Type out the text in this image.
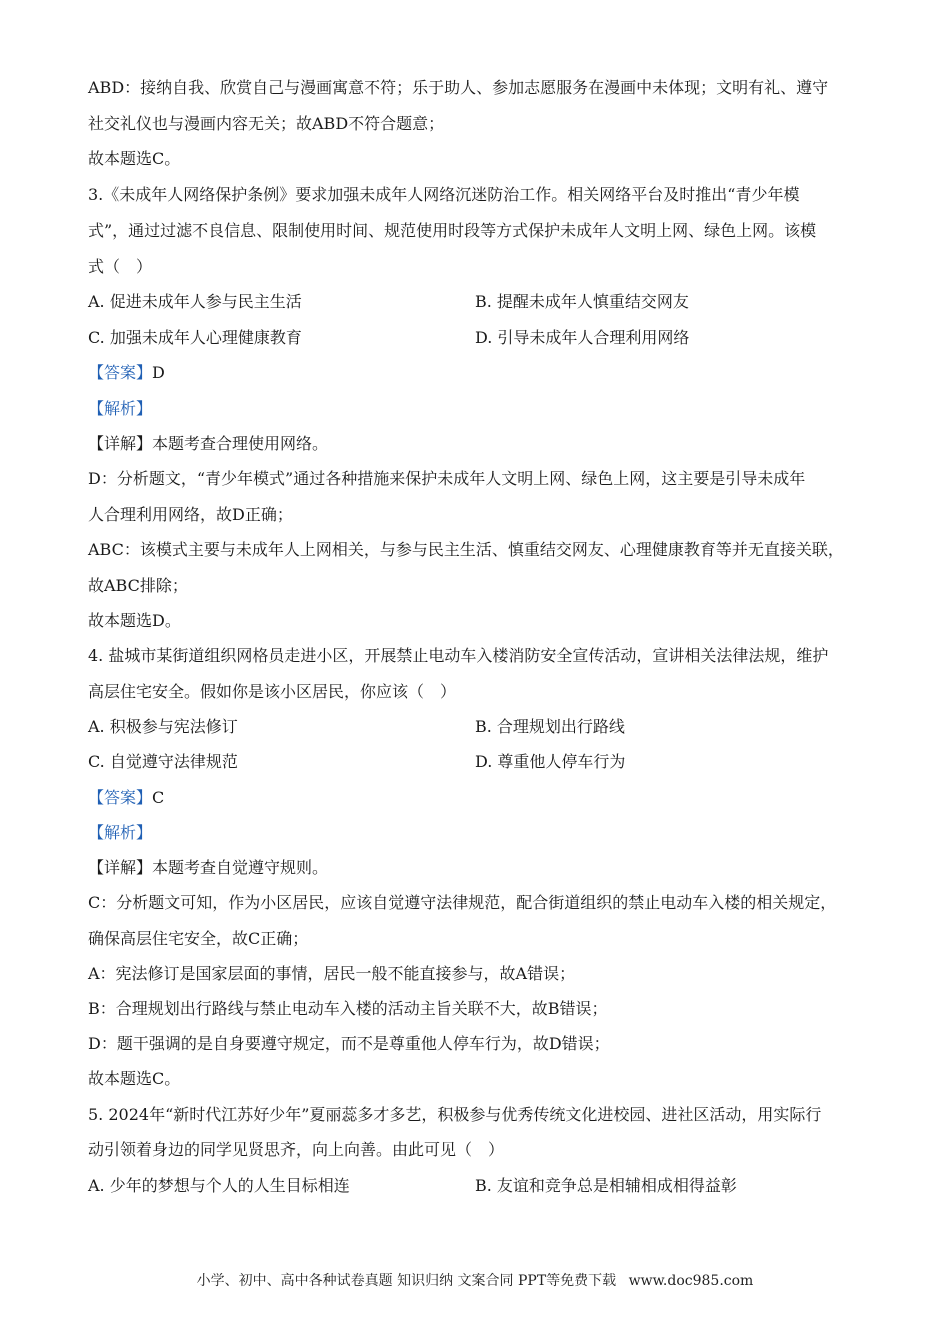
ABD：接纳自我、欣赏自己与漫画寓意不符；乐于助人、参加志愿服务在漫画中未体现；文明有礼、遵守
社交礼仪也与漫画内容无关；故ABD不符合题意；
故本题选C。
3.《未成年人网络保护条例》要求加强未成年人网络沉迷防治工作。相关网络平台及时推出“青少年模
式”，通过过滤不良信息、限制使用时间、规范使用时段等方式保护未成年人文明上网、绿色上网。该模
式（　）
A. 促进未成年人参与民主生活	B. 提醒未成年人慎重结交网友
C. 加强未成年人心理健康教育	D. 引导未成年人合理利用网络
【答案】D
【解析】
【详解】本题考查合理使用网络。
D：分析题文，“青少年模式”通过各种措施来保护未成年人文明上网、绿色上网，这主要是引导未成年
人合理利用网络，故D正确；
ABC：该模式主要与未成年人上网相关，与参与民主生活、慎重结交网友、心理健康教育等并无直接关联，
故ABC排除；
故本题选D。
4. 盐城市某街道组织网格员走进小区，开展禁止电动车入楼消防安全宣传活动，宣讲相关法律法规，维护
高层住宅安全。假如你是该小区居民，你应该（　）
A. 积极参与宪法修订	B. 合理规划出行路线
C. 自觉遵守法律规范	D. 尊重他人停车行为
【答案】C
【解析】
【详解】本题考查自觉遵守规则。
C：分析题文可知，作为小区居民，应该自觉遵守法律规范，配合街道组织的禁止电动车入楼的相关规定，
确保高层住宅安全，故C正确；
A：宪法修订是国家层面的事情，居民一般不能直接参与，故A错误；
B：合理规划出行路线与禁止电动车入楼的活动主旨关联不大，故B错误；
D：题干强调的是自身要遵守规定，而不是尊重他人停车行为，故D错误；
故本题选C。
5. 2024年“新时代江苏好少年”夏丽蕊多才多艺，积极参与优秀传统文化进校园、进社区活动，用实际行
动引领着身边的同学见贤思齐，向上向善。由此可见（　）
A. 少年的梦想与个人的人生目标相连	B. 友谊和竞争总是相辅相成相得益彰
小学、初中、高中各种试卷真题 知识归纳 文案合同 PPT等免费下载 www.doc985.com
